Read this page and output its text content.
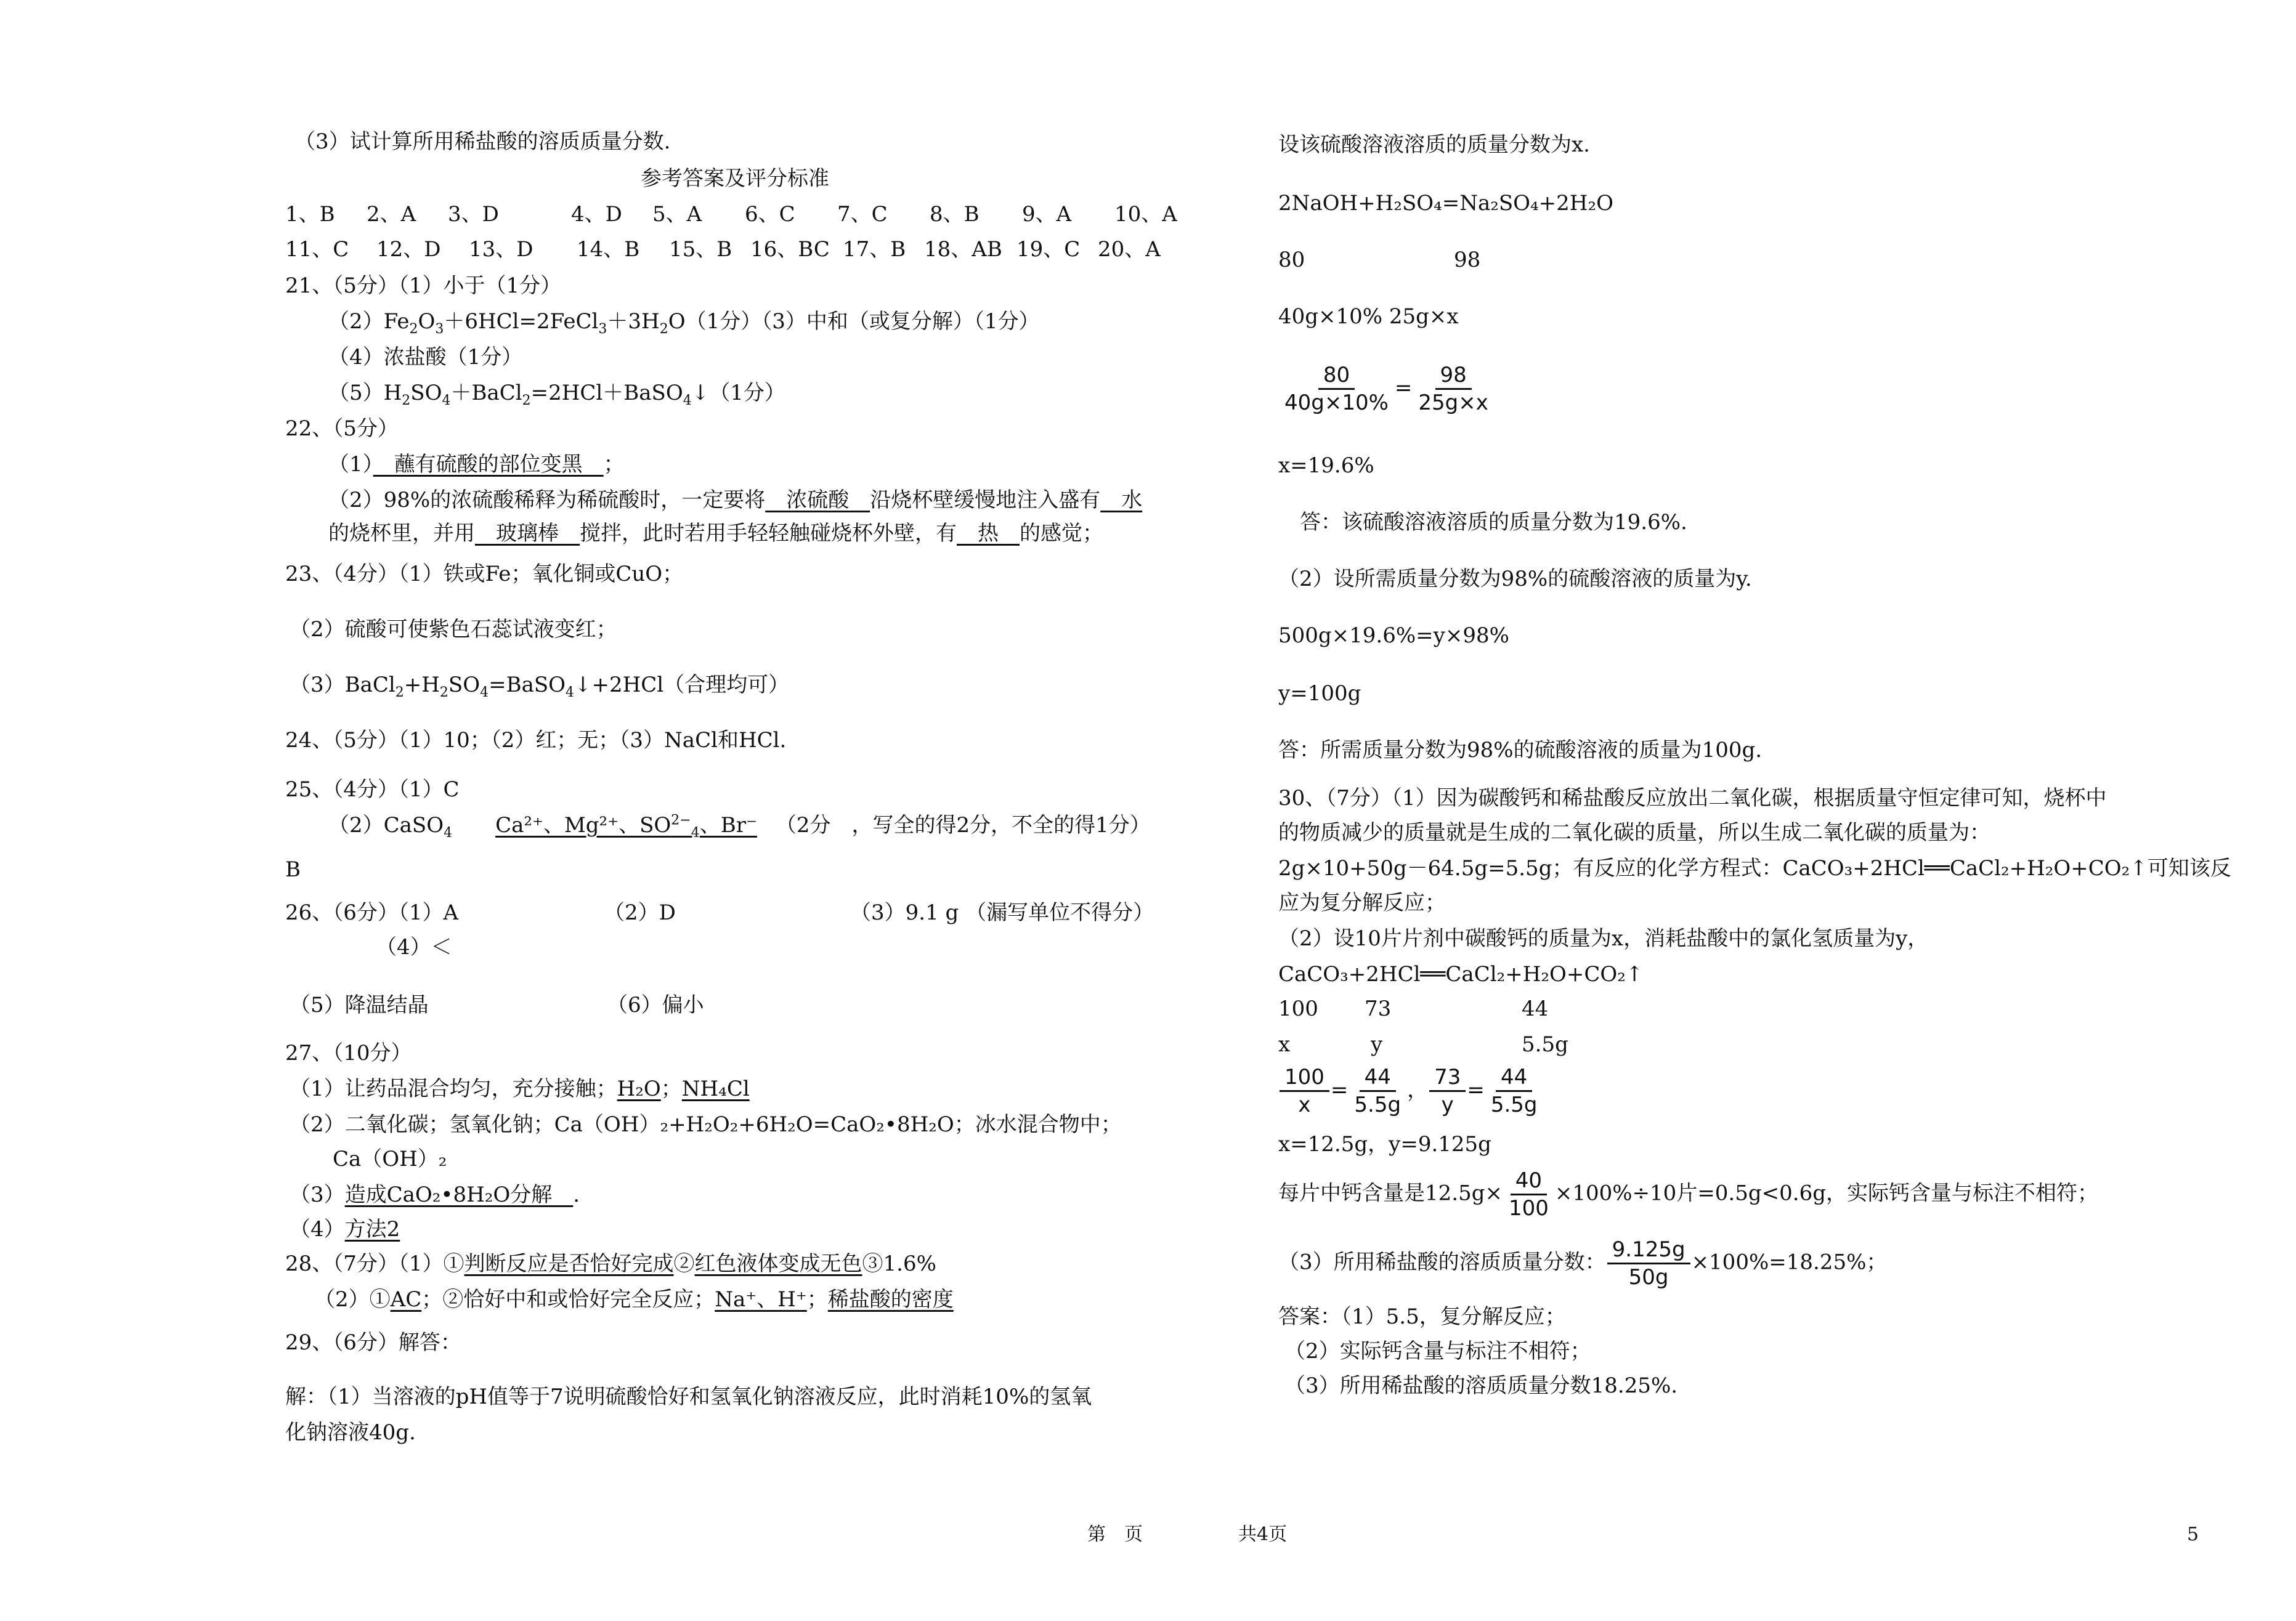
（3）试计算所用稀盐酸的溶质质量分数.
参考答案及评分标准
1、B 2、A 3、D	4、D 5、A 6、C 7、C 8、B 9、A 10、A
11、C 12、D 13、D 14、B 15、B 16、BC 17、B 18、AB 19、C 20、A
21、（5分）（1）小于（1分）
$(2)Fe_2O_3+6HCl=2FeCl_3+3H_2O(1$分）（3）中和（或复分解）（1分）
（4）浓盐酸（1分）
$(5)H_2SO_4+BaCl_2=2HCl+BaSO_4↓(1$分）
22、（5分）
（1）　蘸有硫酸的部位变黑　；
（2）98%的浓硫酸稀释为稀硫酸时，一定要将　浓硫酸　沿烧杯壁缓慢地注入盛有　水
的烧杯里，并用　玻璃棒　搅拌，此时若用手轻轻触碰烧杯外壁，有　热　的感觉；
23、（4分）（1）铁或Fe；氧化铜或CuO；
（2）硫酸可使紫色石蕊试液变红；
$(3)BaCl_2+H_2SO_4=BaSO_4↓+2HCl$（合理均可）
24、（5分）（1）10；（2）红；无；（3）NaCl和HCl.
25、（4分）（1）C
（2）CaSO$_4$ Ca²⁺、Mg²⁺、$SO^{2-}_4$、Br⁻ （2分　，写全的得2分，不全的得1分）
B
26、（6分）（1）A	（2）D	（3）9.1 g （漏写单位不得分）
（4）＜
（5）降温结晶	（6）偏小
27、（10分）
（1）让药品混合均匀，充分接触；H₂O；NH₄Cl
（2）二氧化碳；氢氧化钠；Ca（OH）₂+H₂O₂+6H₂O=CaO₂•8H₂O；冰水混合物中；
Ca（OH）₂
（3）造成CaO₂•8H₂O分解　.
（4）方法2
28、（7分）（1）①判断反应是否恰好完成②红色液体变成无色③1.6%
（2）①AC；②恰好中和或恰好完全反应；Na⁺、H⁺；稀盐酸的密度
29、（6分）解答：
解：（1）当溶液的pH值等于7说明硫酸恰好和氢氧化钠溶液反应，此时消耗10%的氢氧
化钠溶液40g.
设该硫酸溶液溶质的质量分数为x.
2NaOH+H₂SO₄=Na₂SO₄+2H₂O
80	98
40g×10% 25g×x
$\frac{80}{40g\times 10\%} = \frac{98}{25g\times x}$
x=19.6%
答：该硫酸溶液溶质的质量分数为19.6%.
（2）设所需质量分数为98%的硫酸溶液的质量为y.
500g×19.6%=y×98%
y=100g
答：所需质量分数为98%的硫酸溶液的质量为100g.
30、（7分）（1）因为碳酸钙和稀盐酸反应放出二氧化碳，根据质量守恒定律可知，烧杯中
的物质减少的质量就是生成的二氧化碳的质量，所以生成二氧化碳的质量为：
2g×10+50g－64.5g=5.5g；有反应的化学方程式：CaCO₃+2HCl══CaCl₂+H₂O+CO₂↑可知该反
应为复分解反应；
（2）设10片片剂中碳酸钙的质量为x，消耗盐酸中的氯化氢质量为y，
CaCO₃+2HCl══CaCl₂+H₂O+CO₂↑
100 73	44
x	y	5.5g
$\frac{100}{x} = \frac{44}{5.5g}$ ， $\frac{73}{y} = \frac{44}{5.5g}$
x=12.5g，y=9.125g
每片中钙含量是$12.5g\times \frac{40}{100} \times 100\%\div 10$片=0.5g<0.6g，实际钙含量与标注不相符；
（3）所用稀盐酸的溶质质量分数： $\frac{9.125g}{50g} \times 100\%=18.25\%$；
答案：（1）5.5，复分解反应；
（2）实际钙含量与标注不相符；
（3）所用稀盐酸的溶质质量分数18.25%.
第　页	共4页	5
